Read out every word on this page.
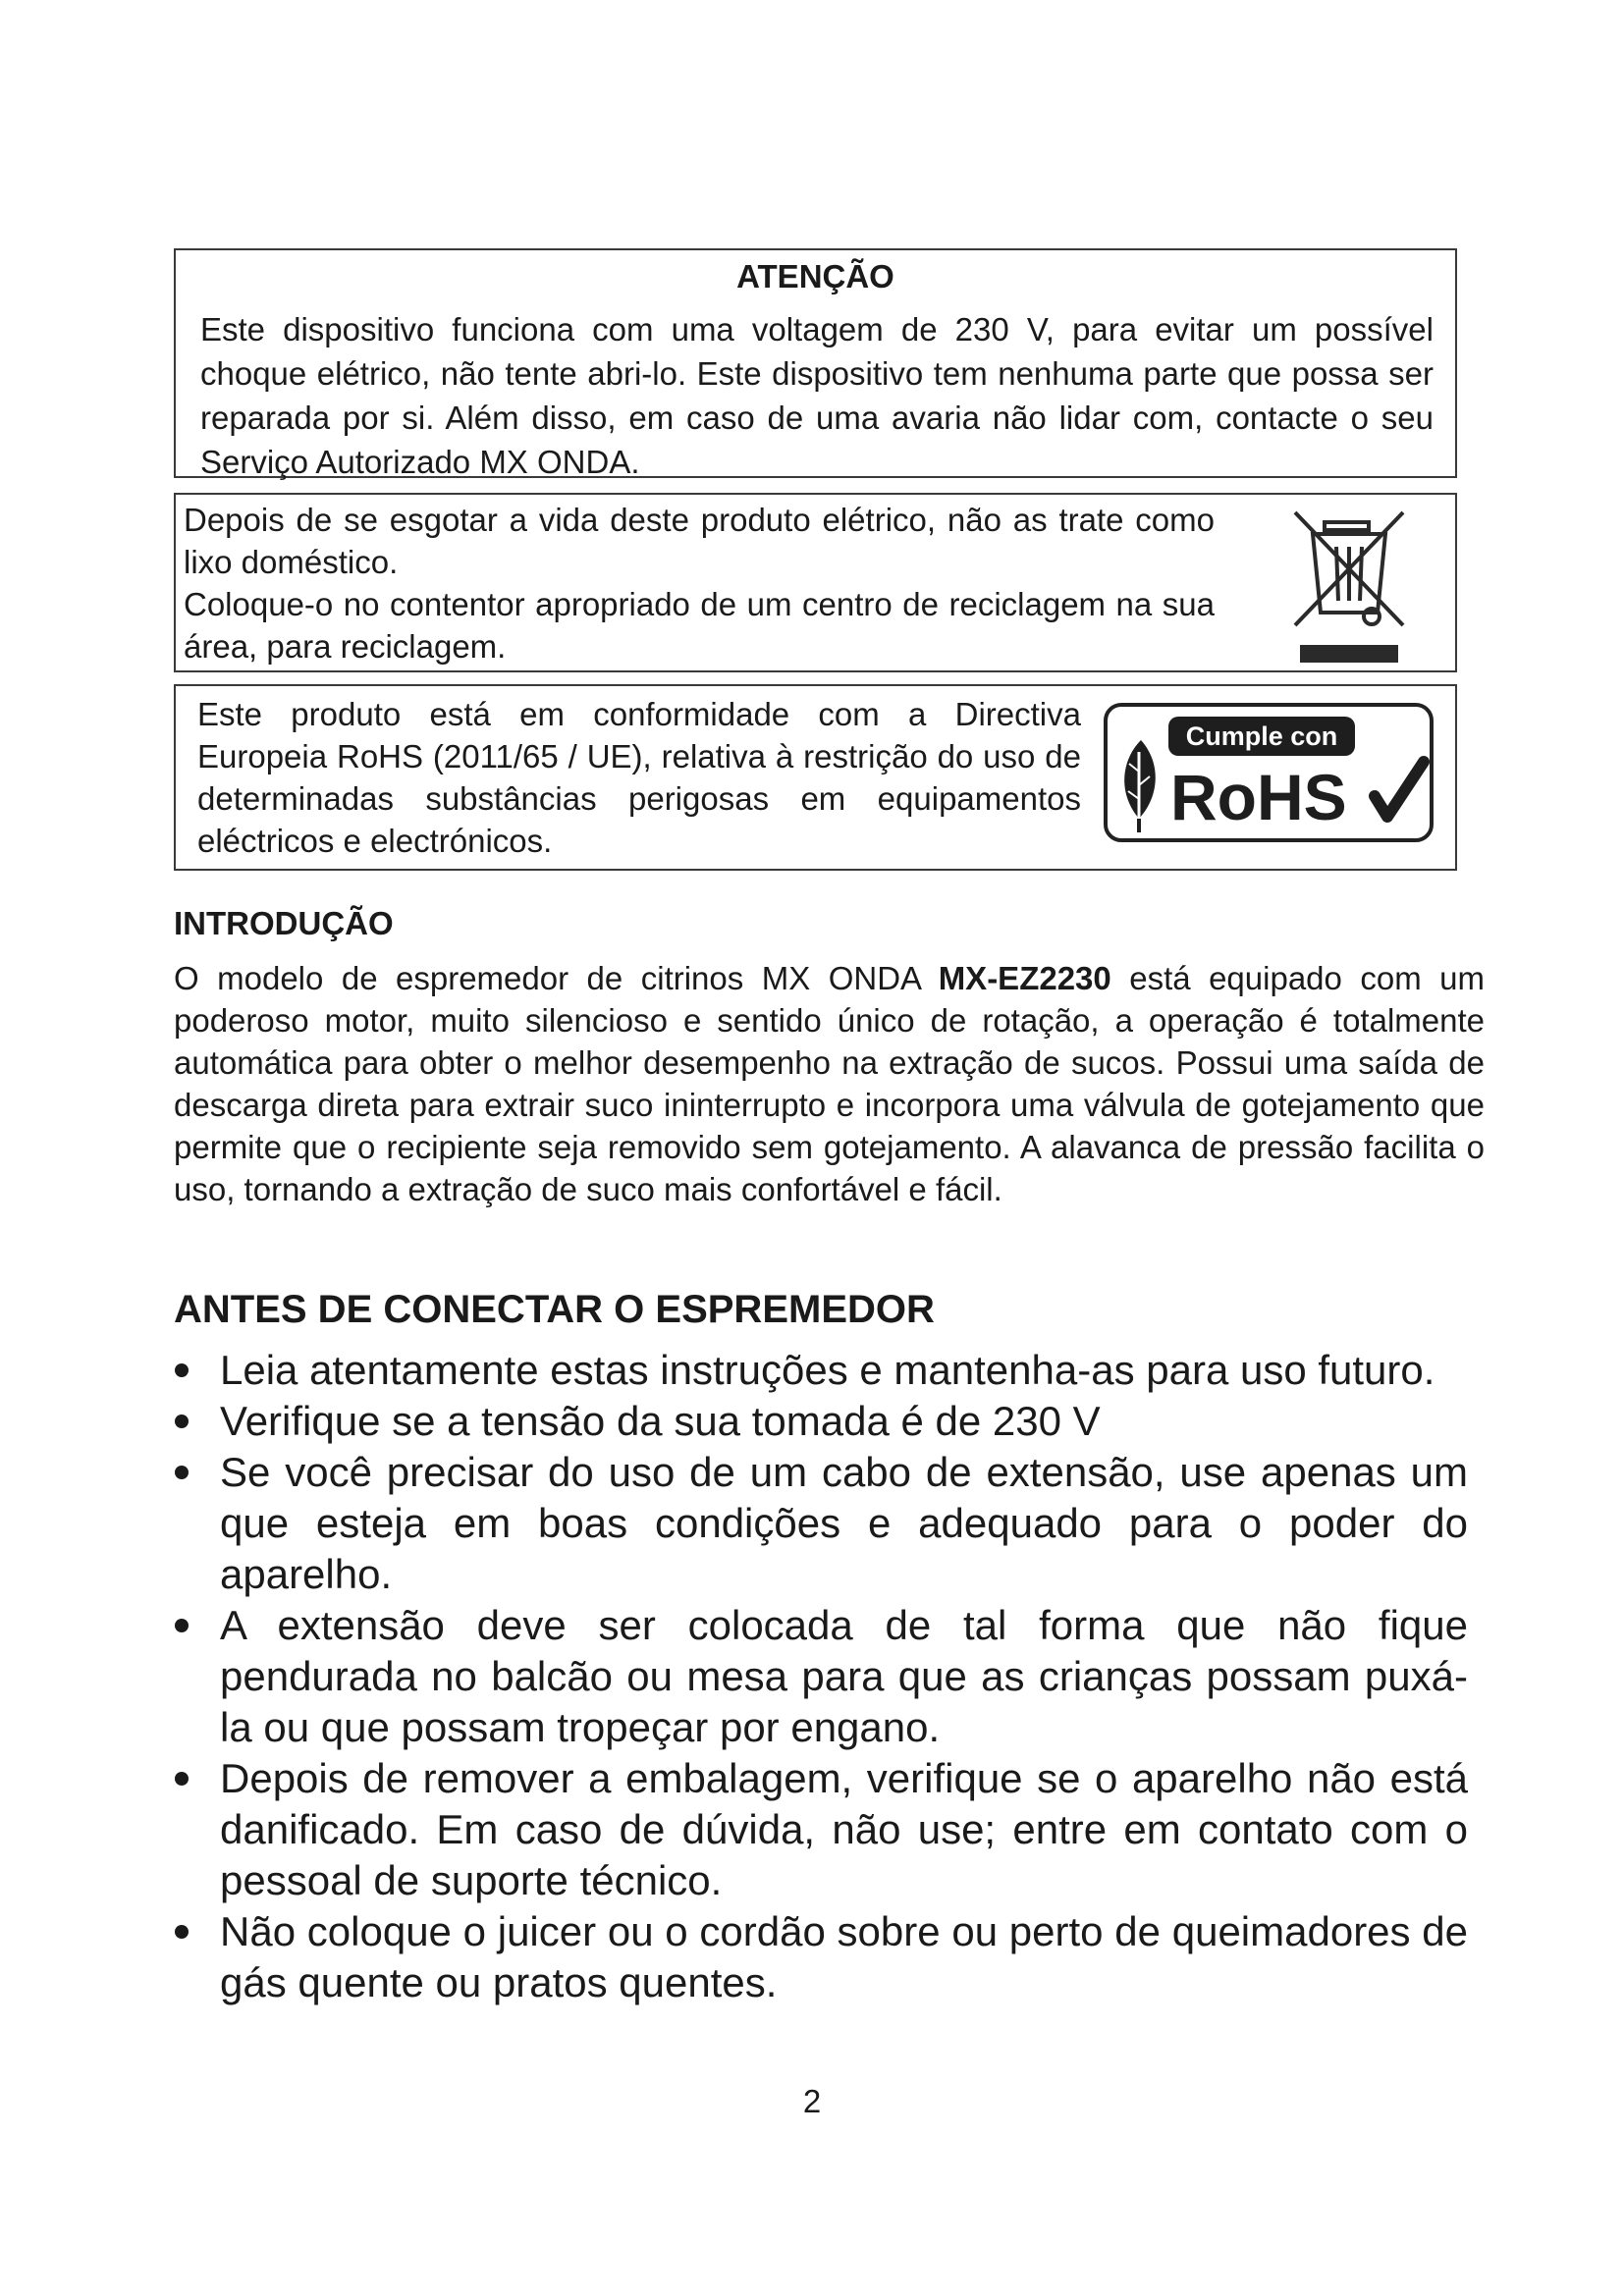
ATENÇÃO
Este dispositivo funciona com uma voltagem de 230 V, para evitar um possível choque elétrico, não tente abri-lo. Este dispositivo tem nenhuma parte que possa ser reparada por si. Além disso, em caso de uma avaria não lidar com, contacte o seu Serviço Autorizado MX ONDA.
Depois de se esgotar a vida deste produto elétrico, não as trate como lixo doméstico.
Coloque-o no contentor apropriado de um centro de reciclagem na sua área, para reciclagem.
Este produto está em conformidade com a Directiva Europeia RoHS (2011/65 / UE), relativa à restrição do uso de determinadas substâncias perigosas em equipamentos eléctricos e electrónicos.
Cumple con
RoHS
INTRODUÇÃO
O modelo de espremedor de citrinos MX ONDA MX-EZ2230 está equipado com um poderoso motor, muito silencioso e sentido único de rotação, a operação é totalmente automática para obter o melhor desempenho na extração de sucos. Possui uma saída de descarga direta para extrair suco ininterrupto e incorpora uma válvula de gotejamento que permite que o recipiente seja removido sem gotejamento. A alavanca de pressão facilita o uso, tornando a extração de suco mais confortável e fácil.
ANTES DE CONECTAR O ESPREMEDOR
Leia atentamente estas instruções e mantenha-as para uso futuro.
Verifique se a tensão da sua tomada é de 230 V
Se você precisar do uso de um cabo de extensão, use apenas um que esteja em boas condições e adequado para o poder do aparelho.
A extensão deve ser colocada de tal forma que não fique pendurada no balcão ou mesa para que as crianças possam puxá-la ou que possam tropeçar por engano.
Depois de remover a embalagem, verifique se o aparelho não está danificado. Em caso de dúvida, não use; entre em contato com o pessoal de suporte técnico.
Não coloque o juicer ou o cordão sobre ou perto de queimadores de gás quente ou pratos quentes.
2
